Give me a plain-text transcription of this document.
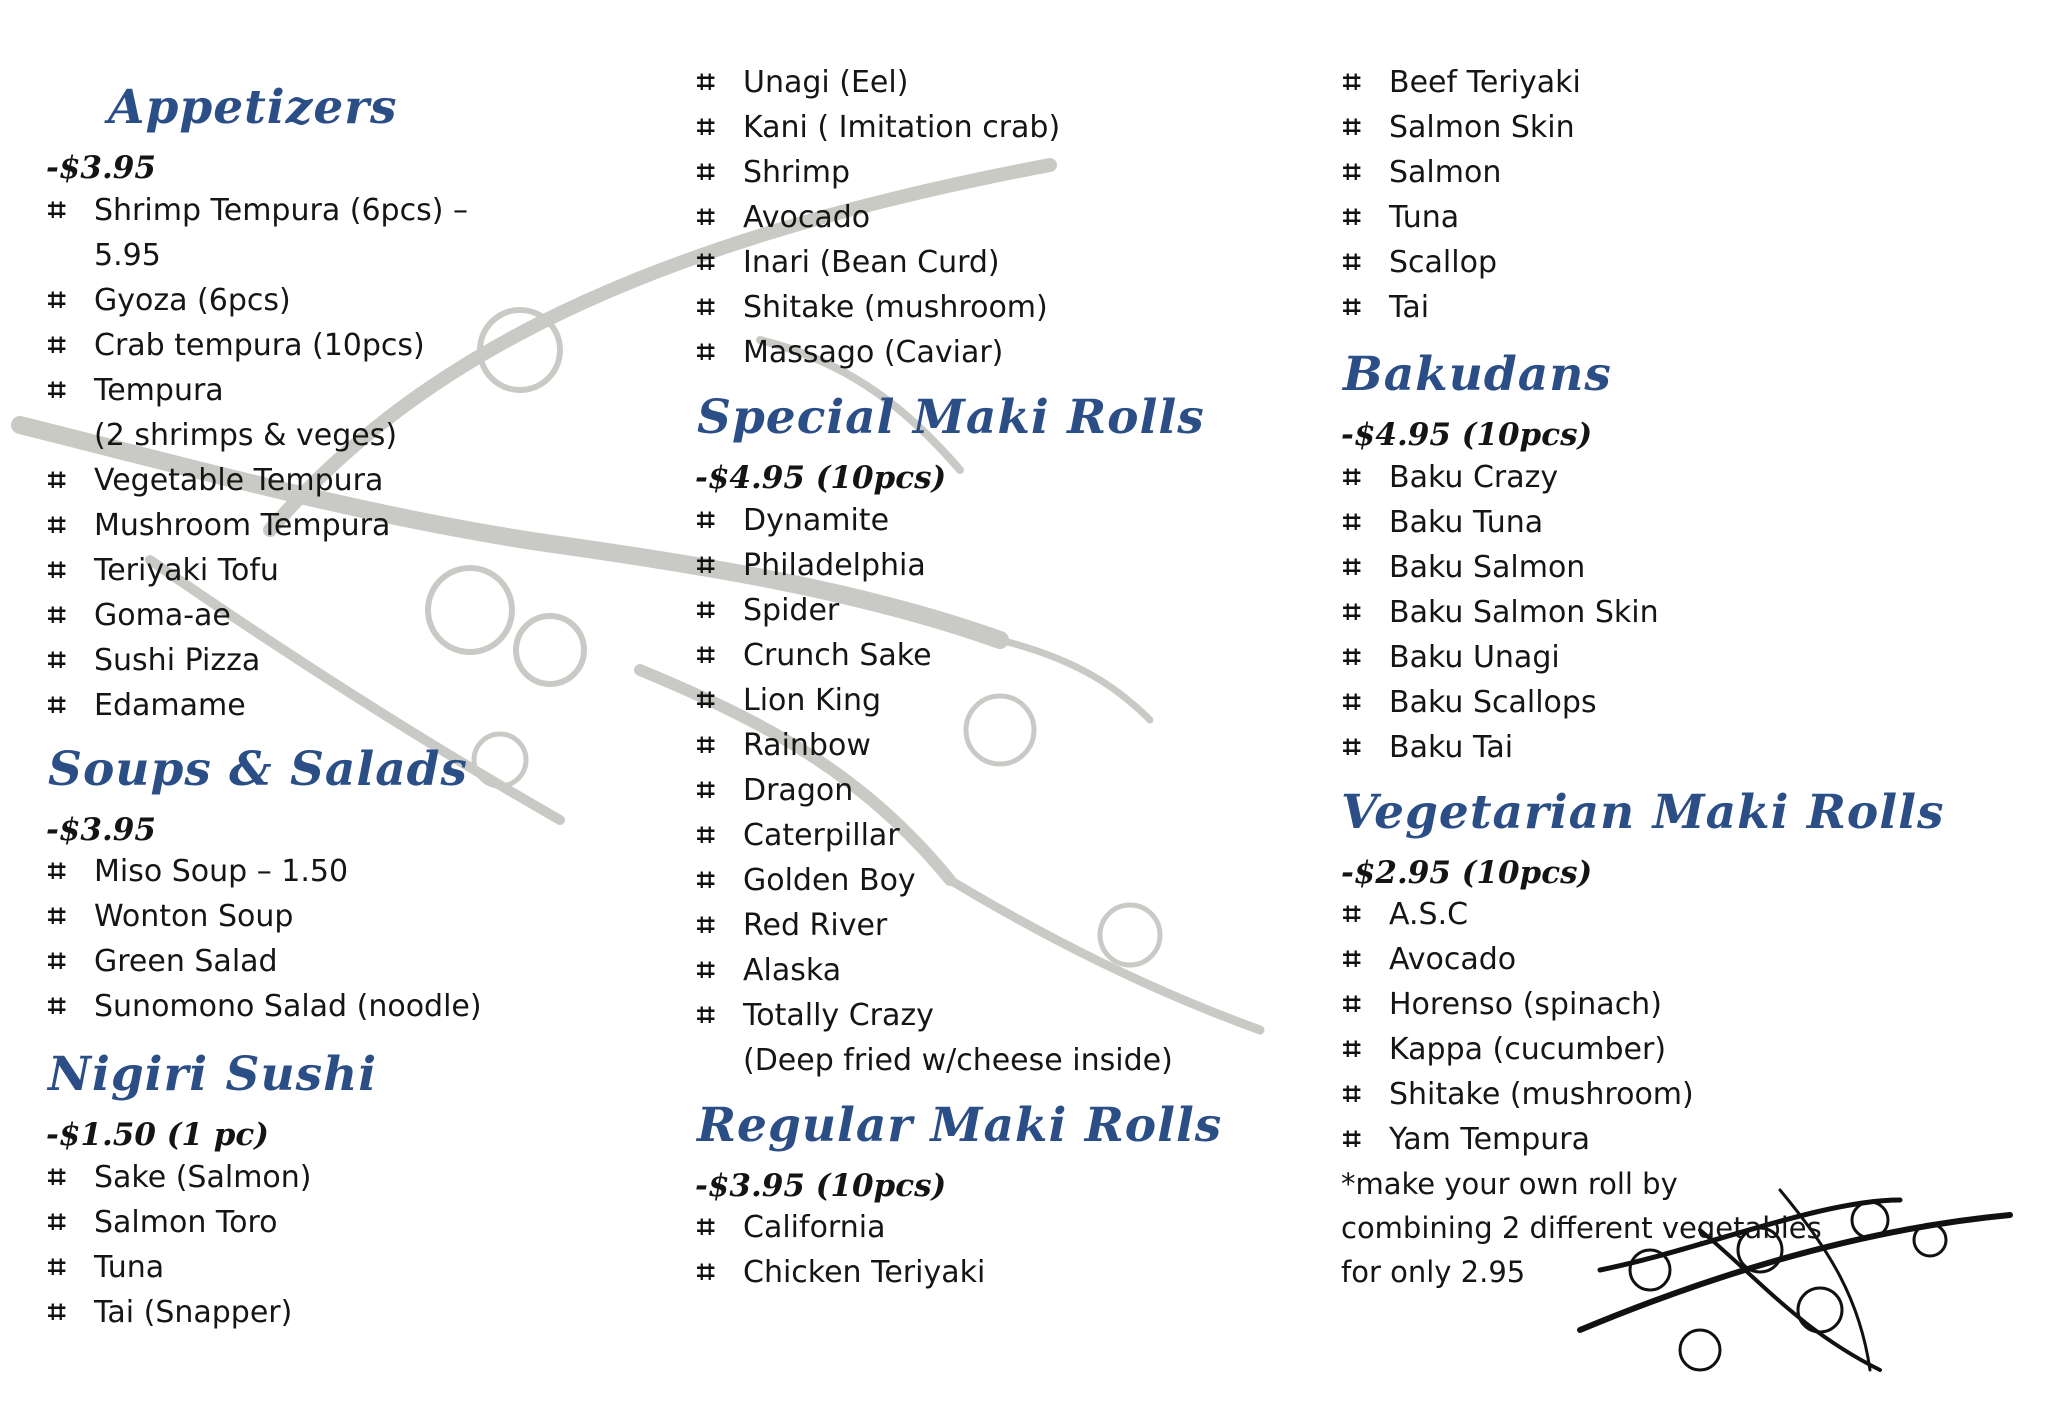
Appetizers

-$3.95

⌗ Shrimp Tempura (6pcs) –
5.95
⌗ Gyoza (6pcs)
⌗ Crab tempura (10pcs)
⌗ Tempura
(2 shrimps & veges)
⌗ Vegetable Tempura
⌗ Mushroom Tempura
⌗ Teriyaki Tofu
⌗ Goma-ae
⌗ Sushi Pizza
⌗ Edamame
Soups & Salads

-$3.95

⌗ Miso Soup – 1.50
⌗ Wonton Soup
⌗ Green Salad
⌗ Sunomono Salad (noodle)
Nigiri Sushi

-$1.50 (1 pc)

⌗ Sake (Salmon)
⌗ Salmon Toro
⌗ Tuna
⌗ Tai (Snapper)
⌗ Unagi (Eel)
⌗ Kani ( Imitation crab)
⌗ Shrimp
⌗ Avocado
⌗ Inari (Bean Curd)
⌗ Shitake (mushroom)
⌗ Massago (Caviar)
Special Maki Rolls

-$4.95 (10pcs)

⌗ Dynamite
⌗ Philadelphia
⌗ Spider
⌗ Crunch Sake
⌗ Lion King
⌗ Rainbow
⌗ Dragon
⌗ Caterpillar
⌗ Golden Boy
⌗ Red River
⌗ Alaska
⌗ Totally Crazy
(Deep fried w/cheese inside)
Regular Maki Rolls

-$3.95 (10pcs)

⌗ California
⌗ Chicken Teriyaki
⌗ Beef Teriyaki
⌗ Salmon Skin
⌗ Salmon
⌗ Tuna
⌗ Scallop
⌗ Tai
Bakudans

-$4.95 (10pcs)

⌗ Baku Crazy
⌗ Baku Tuna
⌗ Baku Salmon
⌗ Baku Salmon Skin
⌗ Baku Unagi
⌗ Baku Scallops
⌗ Baku Tai
Vegetarian Maki Rolls

-$2.95 (10pcs)

⌗ A.S.C
⌗ Avocado
⌗ Horenso (spinach)
⌗ Kappa (cucumber)
⌗ Shitake (mushroom)
⌗ Yam Tempura
*make your own roll by
combining 2 different vegetables
for only 2.95
